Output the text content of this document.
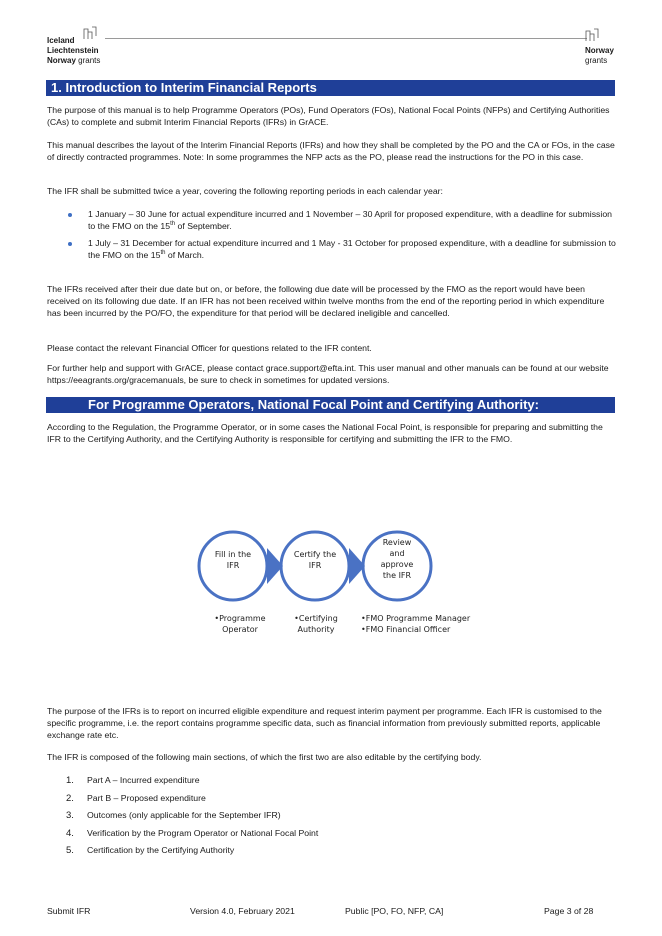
Iceland
Liechtenstein
Norway grants
Norway
grants
1. Introduction to Interim Financial Reports

The purpose of this manual is to help Programme Operators (POs), Fund Operators (FOs), National Focal Points (NFPs) and Certifying Authorities (CAs) to complete and submit Interim Financial Reports (IFRs) in GrACE.

This manual describes the layout of the Interim Financial Reports (IFRs) and how they shall be completed by the PO and the CA or FOs, in the case of directly contracted programmes. Note: In some programmes the NFP acts as the PO, please read the instructions for the PO in this case.

The IFR shall be submitted twice a year, covering the following reporting periods in each calendar year:

1 January – 30 June for actual expenditure incurred and 1 November – 30 April for proposed expenditure, with a deadline for submission to the FMO on the 15th of September.
1 July – 31 December for actual expenditure incurred and 1 May - 31 October for proposed expenditure, with a deadline for submission to the FMO on the 15th of March.

The IFRs received after their due date but on, or before, the following due date will be processed by the FMO as the report would have been received on its following due date. If an IFR has not been received within twelve months from the end of the reporting period in which expenditure has been incurred by the PO/FO, the expenditure for that period will be declared ineligible and cancelled.

Please contact the relevant Financial Officer for questions related to the IFR content.

For further help and support with GrACE, please contact grace.support@efta.int. This user manual and other manuals can be found at our website https://eeagrants.org/gracemanuals, be sure to check in sometimes for updated versions.

For Programme Operators, National Focal Point and Certifying Authority:

According to the Regulation, the Programme Operator, or in some cases the National Focal Point, is responsible for preparing and submitting the IFR to the Certifying Authority, and the Certifying Authority is responsible for certifying and submitting the IFR to the FMO.

Fill in the
IFR
Certify the
IFR
Review
and
approve
the IFR
•Programme
Operator
•Certifying
Authority
•FMO Programme Manager
•FMO Financial Officer

The purpose of the IFRs is to report on incurred eligible expenditure and request interim payment per programme. Each IFR is customised to the specific programme, i.e. the report contains programme specific data, such as financial information from previously submitted reports, applicable exchange rate etc.

The IFR is composed of the following main sections, of which the first two are also editable by the certifying body.

1. Part A – Incurred expenditure
2. Part B – Proposed expenditure
3. Outcomes (only applicable for the September IFR)
4. Verification by the Program Operator or National Focal Point
5. Certification by the Certifying Authority
Submit IFR	Version 4.0, February 2021	Public [PO, FO, NFP, CA]	Page 3 of 28
